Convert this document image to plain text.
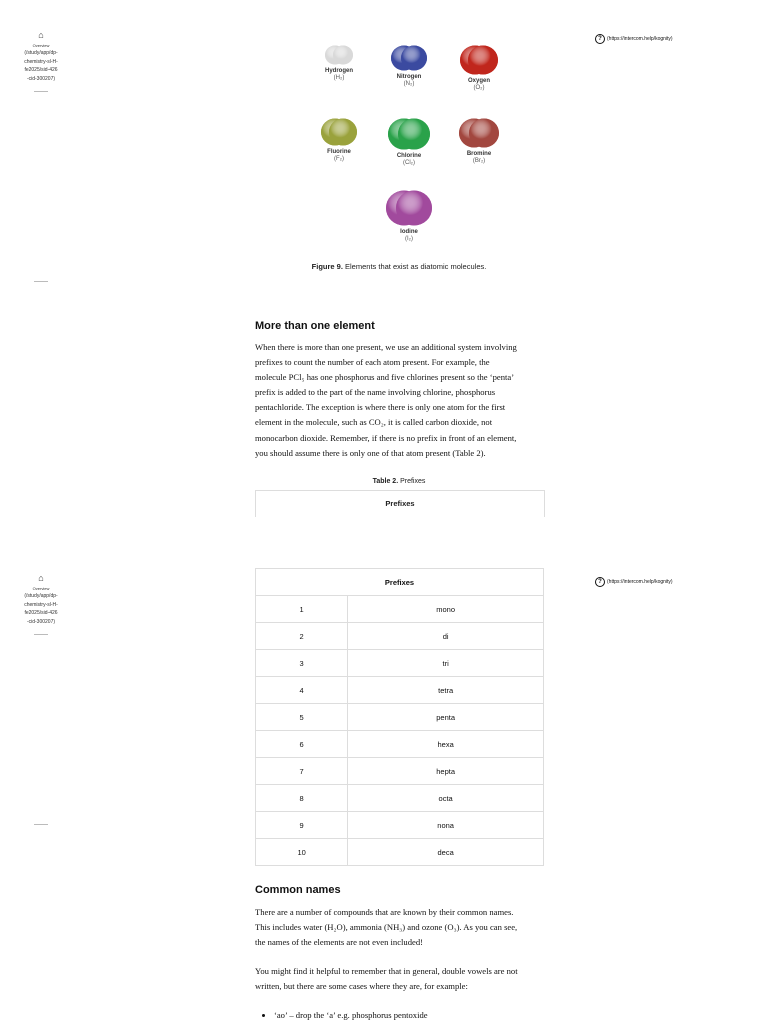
⌂
Overview
(/study/app/dp-chemistry-sl-H-fe2025/sid-426-cid-300207)
?	(https://intercom.help/kognity)
Hydrogen
(H₂)	Nitrogen
(N₂)	Oxygen
(O₂)
Fluorine
(F₂)	Chlorine
(Cl₂)
Bromine
(Br₂)
Iodine
(I₂)
Figure 9. Elements that exist as diatomic molecules.
More than one element
When there is more than one present, we use an additional system involving
prefixes to count the number of each atom present. For example, the
molecule PCl₅ has one phosphorus and five chlorines present so the ‘penta’
prefix is added to the part of the name involving chlorine, phosphorus
pentachloride. The exception is where there is only one atom for the first
element in the molecule, such as CO₂, it is called carbon dioxide, not
monocarbon dioxide. Remember, if there is no prefix in front of an element,
you should assume there is only one of that atom present (Table 2).
Table 2. Prefixes
Prefixes
⌂
Overview
(/study/app/dp-chemistry-sl-H-fe2025/sid-426-cid-300207)
?	(https://intercom.help/kognity)
Prefixes	
1	mono
2	di
3	tri
4	tetra
5	penta
6	hexa
7	hepta
8	octa
9	nona
10	deca
Common names
There are a number of compounds that are known by their common names.
This includes water (H₂O), ammonia (NH₃) and ozone (O₃). As you can see,
the names of the elements are not even included!
You might find it helpful to remember that in general, double vowels are not
written, but there are some cases where they are, for example:
• ‘ao’ – drop the ‘a’ e.g. phosphorus pentoxide
